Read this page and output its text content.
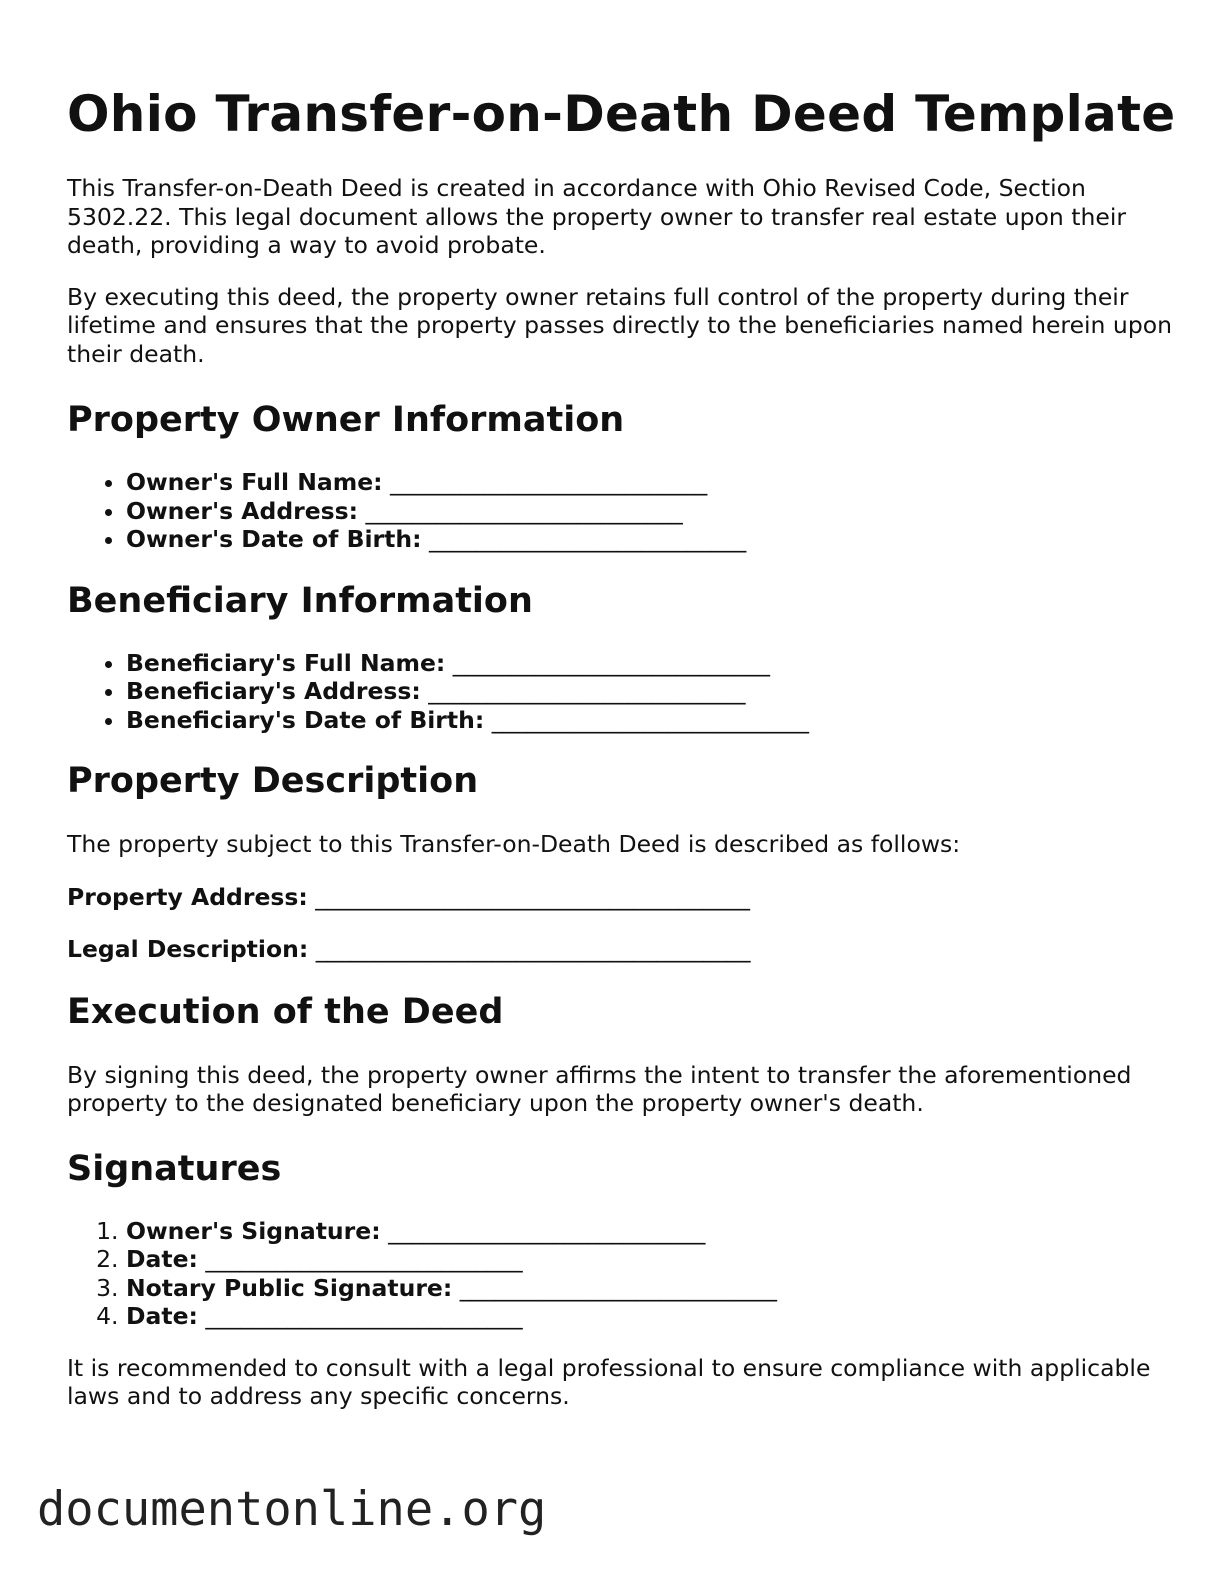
Ohio Transfer-on-Death Deed Template

This Transfer-on-Death Deed is created in accordance with Ohio Revised Code, Section 5302.22. This legal document allows the property owner to transfer real estate upon their death, providing a way to avoid probate.

By executing this deed, the property owner retains full control of the property during their lifetime and ensures that the property passes directly to the beneficiaries named herein upon their death.

Property Owner Information
• Owner's Full Name: ___________________________
• Owner's Address: ___________________________
• Owner's Date of Birth: ___________________________
Beneficiary Information
• Beneficiary's Full Name: ___________________________
• Beneficiary's Address: ___________________________
• Beneficiary's Date of Birth: ___________________________
Property Description

The property subject to this Transfer-on-Death Deed is described as follows:

Property Address: _____________________________________

Legal Description: _____________________________________

Execution of the Deed

By signing this deed, the property owner affirms the intent to transfer the aforementioned property to the designated beneficiary upon the property owner's death.

Signatures
1. Owner's Signature: ___________________________
2. Date: ___________________________
3. Notary Public Signature: ___________________________
4. Date: ___________________________

It is recommended to consult with a legal professional to ensure compliance with applicable laws and to address any specific concerns.

documentonline.org
